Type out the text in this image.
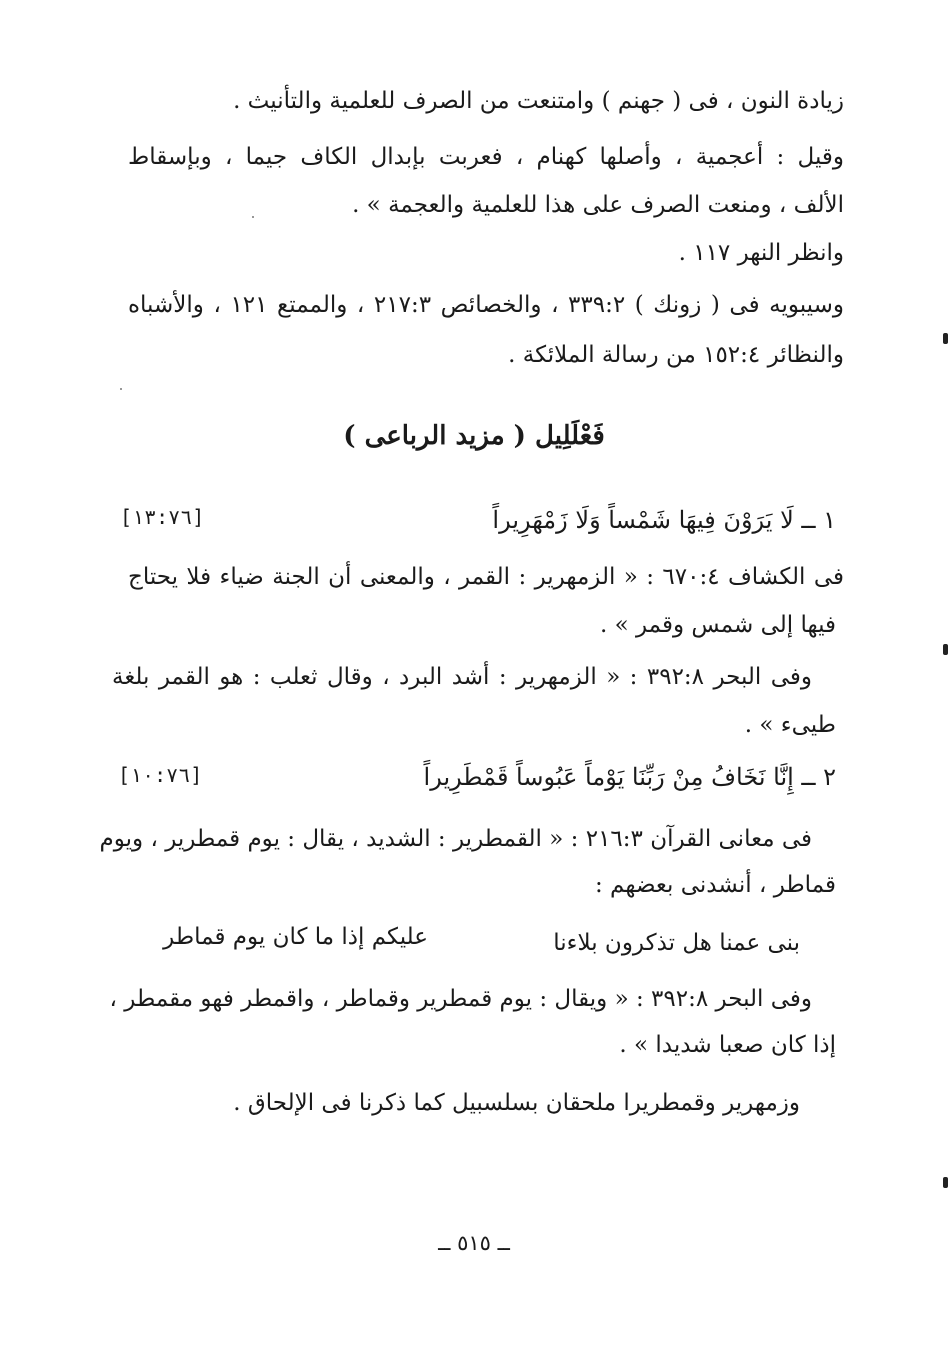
زيادة النون ، فى ( جهنم ) وامتنعت من الصرف للعلمية والتأنيث .
وقيل : أعجمية ، وأصلها كهنام ، فعربت بإبدال الكاف جيما ، وبإسقاط
الألف ، ومنعت الصرف على هذا للعلمية والعجمة » .
وانظر النهر ١١٧ .
وسيبويه فى ( زونك ) ٣٣٩:٢ ، والخصائص ٢١٧:٣ ، والممتع ١٢١ ، والأشباه
والنظائر ١٥٢:٤ من رسالة الملائكة .
فَعْلَلِيل ( مزيد الرباعى )
١ ــ لَا يَرَوْنَ فِيهَا شَمْساً وَلَا زَمْهَرِيراً
[١٣:٧٦]
فى الكشاف ٦٧٠:٤ : « الزمهرير : القمر ، والمعنى أن الجنة ضياء فلا يحتاج
فيها إلى شمس وقمر » .
وفى البحر ٣٩٢:٨ : « الزمهرير : أشد البرد ، وقال ثعلب : هو القمر بلغة
طيىء » .
٢ ــ إِنَّا نَخَافُ مِنْ رَبِّنَا يَوْماً عَبُوساً قَمْطَرِيراً
[١٠:٧٦]
فى معانى القرآن ٢١٦:٣ : « القمطرير : الشديد ، يقال : يوم قمطرير ، ويوم
قماطر ، أنشدنى بعضهم :
بنى عمنا هل تذكرون بلاءنا
عليكم إذا ما كان يوم قماطر
وفى البحر ٣٩٢:٨ : « ويقال : يوم قمطرير وقماطر ، واقمطر فهو مقمطر ،
إذا كان صعبا شديدا » .
وزمهرير وقمطريرا ملحقان بسلسبيل كما ذكرنا فى الإلحاق .
ــ ٥١٥ ــ
